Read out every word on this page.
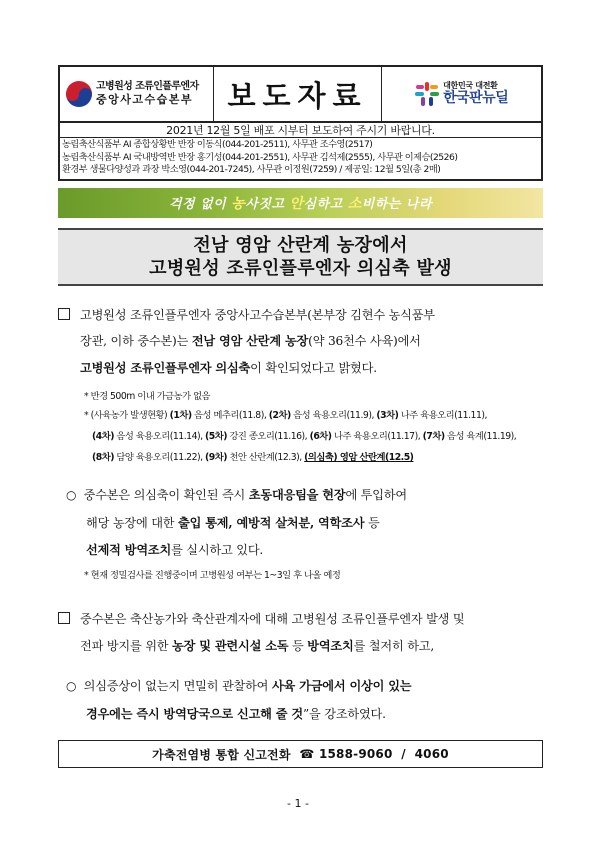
고병원성 조류인플루엔자
중앙사고수습본부 보도자료	대한민국 대전환
한국판뉴딜
2021년 12월 5일 배포 시부터 보도하여 주시기 바랍니다.
농림축산식품부 AI 종합상황반 반장 이동식(044-201-2511), 사무관 조수영(2517)
농림축산식품부 AI 국내방역반 반장 홍기성(044-201-2551), 사무관 김석제(2555), 사무관 이제승(2526)
환경부 생물다양성과 과장 박소영(044-201-7245), 사무관 이정원(7259) / 제공일: 12월 5일(총 2매)
걱정 없이 농사짓고 안심하고 소비하는 나라
전남 영암 산란계 농장에서
고병원성 조류인플루엔자 의심축 발생
고병원성 조류인플루엔자 중앙사고수습본부(본부장 김현수 농식품부
장관, 이하 중수본)는 전남 영암 산란계 농장(약 36천수 사육)에서
고병원성 조류인플루엔자 의심축이 확인되었다고 밝혔다.
* 반경 500m 이내 가금농가 없음
* (사육농가 발생현황) (1차) 음성 메추리(11.8), (2차) 음성 육용오리(11.9), (3차) 나주 육용오리(11.11),
(4차) 음성 육용오리(11.14), (5차) 강진 종오리(11.16), (6차) 나주 육용오리(11.17), (7차) 음성 육계(11.19),
(8차) 담양 육용오리(11.22), (9차) 천안 산란계(12.3), (의심축) 영암 산란계(12.5)
○ 중수본은 의심축이 확인된 즉시 초동대응팀을 현장에 투입하여
해당 농장에 대한 출입 통제, 예방적 살처분, 역학조사 등
선제적 방역조치를 실시하고 있다.
* 현재 정밀검사를 진행중이며 고병원성 여부는 1~3일 후 나올 예정
중수본은 축산농가와 축산관계자에 대해 고병원성 조류인플루엔자 발생 및
전파 방지를 위한 농장 및 관련시설 소독 등 방역조치를 철저히 하고,
○ 의심증상이 없는지 면밀히 관찰하여 사육 가금에서 이상이 있는
경우에는 즉시 방역당국으로 신고해 줄 것”을 강조하였다.
가축전염병 통합 신고전화
☎
1588-9060  /  4060
- 1 -
